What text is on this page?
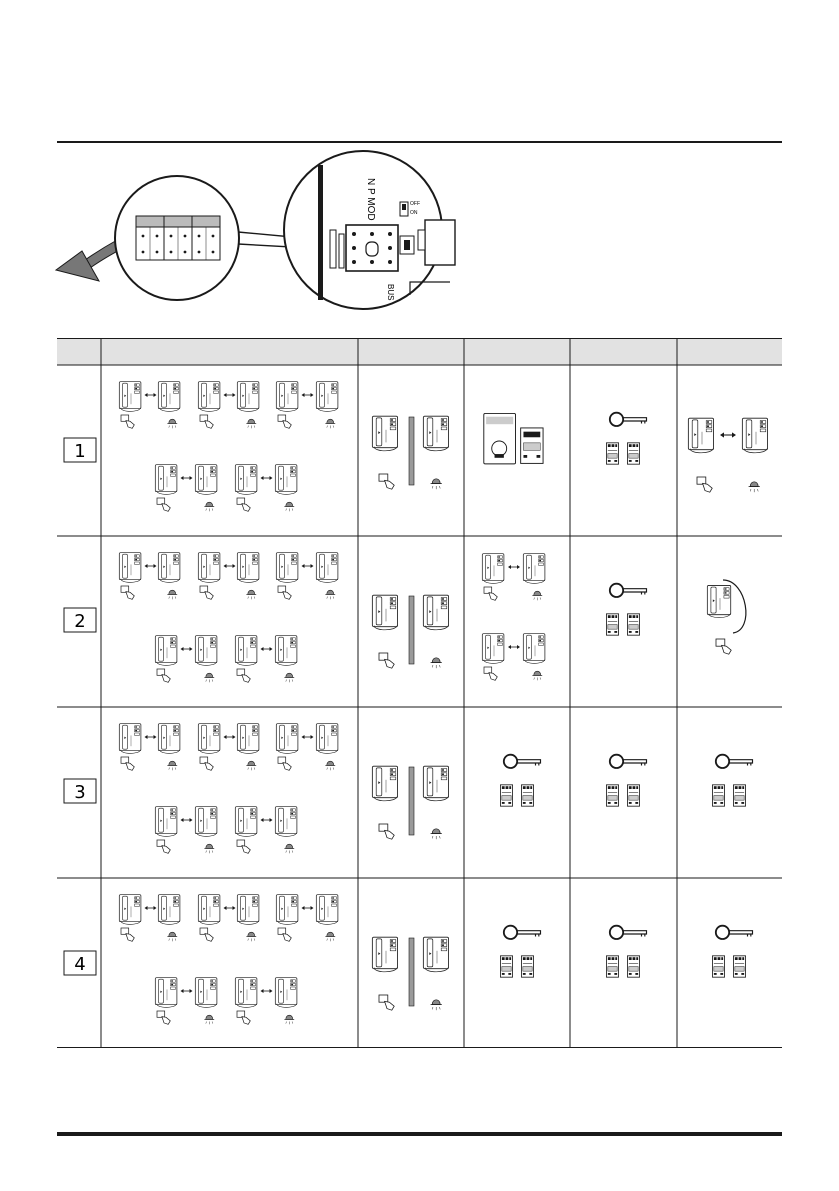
N P MOD	OFF
ON
BUS
1
2
3
4
